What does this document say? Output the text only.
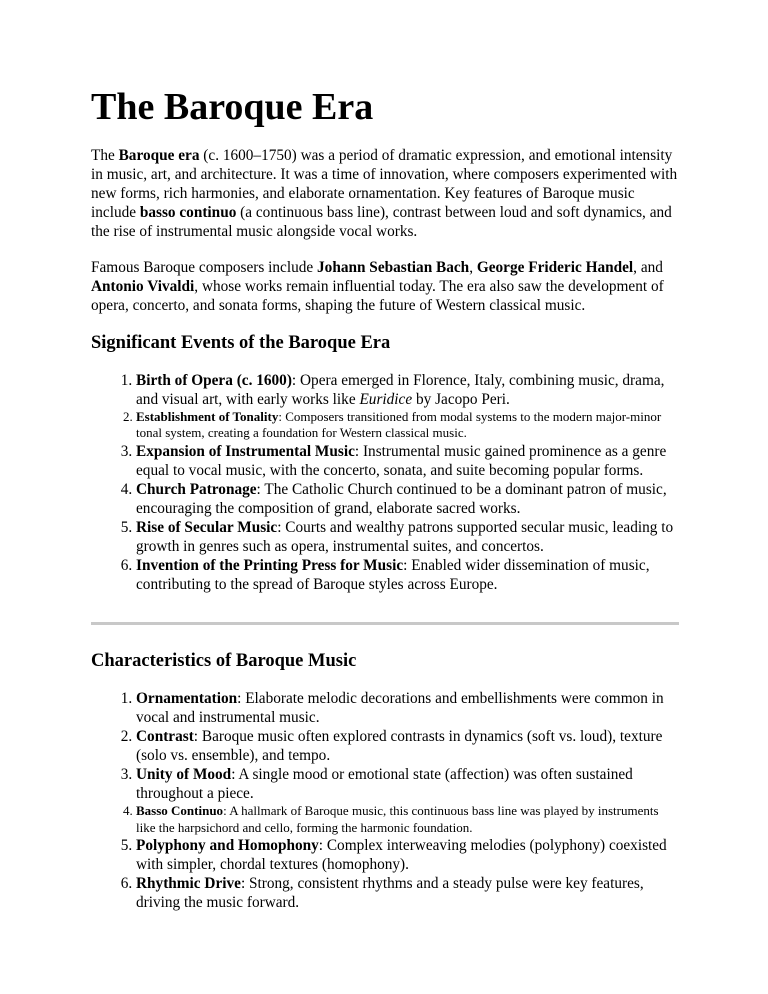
The Baroque Era

The Baroque era (c. 1600–1750) was a period of dramatic expression, and emotional intensity in music, art, and architecture. It was a time of innovation, where composers experimented with new forms, rich harmonies, and elaborate ornamentation. Key features of Baroque music include basso continuo (a continuous bass line), contrast between loud and soft dynamics, and the rise of instrumental music alongside vocal works.

Famous Baroque composers include Johann Sebastian Bach, George Frideric Handel, and Antonio Vivaldi, whose works remain influential today. The era also saw the development of opera, concerto, and sonata forms, shaping the future of Western classical music.

Significant Events of the Baroque Era
1. Birth of Opera (c. 1600): Opera emerged in Florence, Italy, combining music, drama, and visual art, with early works like Euridice by Jacopo Peri.
2. Establishment of Tonality: Composers transitioned from modal systems to the modern major-minor tonal system, creating a foundation for Western classical music.
3. Expansion of Instrumental Music: Instrumental music gained prominence as a genre equal to vocal music, with the concerto, sonata, and suite becoming popular forms.
4. Church Patronage: The Catholic Church continued to be a dominant patron of music, encouraging the composition of grand, elaborate sacred works.
5. Rise of Secular Music: Courts and wealthy patrons supported secular music, leading to growth in genres such as opera, instrumental suites, and concertos.
6. Invention of the Printing Press for Music: Enabled wider dissemination of music, contributing to the spread of Baroque styles across Europe.
Characteristics of Baroque Music
1. Ornamentation: Elaborate melodic decorations and embellishments were common in vocal and instrumental music.
2. Contrast: Baroque music often explored contrasts in dynamics (soft vs. loud), texture (solo vs. ensemble), and tempo.
3. Unity of Mood: A single mood or emotional state (affection) was often sustained throughout a piece.
4. Basso Continuo: A hallmark of Baroque music, this continuous bass line was played by instruments like the harpsichord and cello, forming the harmonic foundation.
5. Polyphony and Homophony: Complex interweaving melodies (polyphony) coexisted with simpler, chordal textures (homophony).
6. Rhythmic Drive: Strong, consistent rhythms and a steady pulse were key features, driving the music forward.
